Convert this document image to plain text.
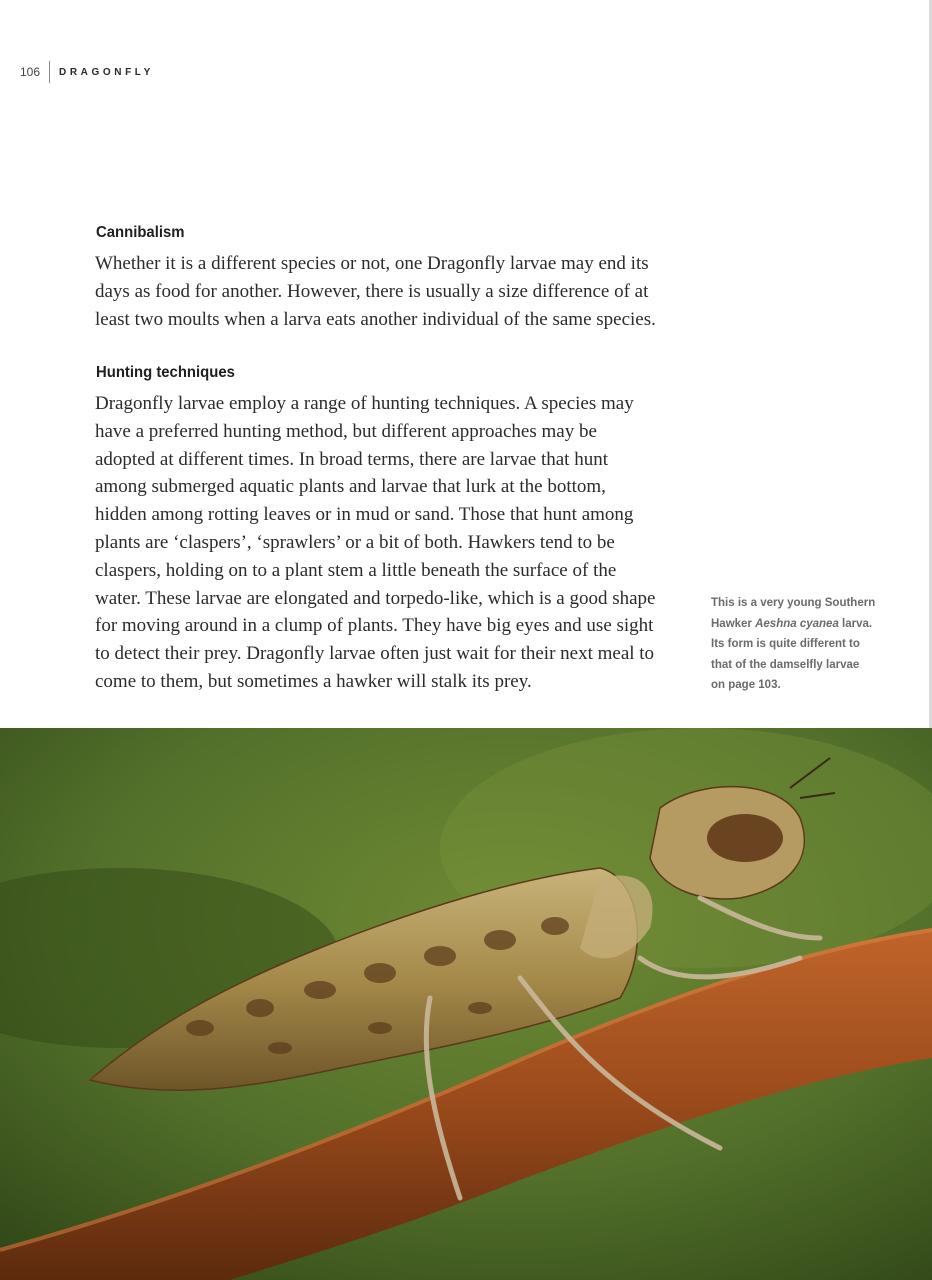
106	DRAGONFLY
Cannibalism

Whether it is a different species or not, one Dragonfly larvae may end its
days as food for another. However, there is usually a size difference of at
least two moults when a larva eats another individual of the same species.

Hunting techniques

Dragonfly larvae employ a range of hunting techniques. A species may
have a preferred hunting method, but different approaches may be
adopted at different times. In broad terms, there are larvae that hunt
among submerged aquatic plants and larvae that lurk at the bottom,
hidden among rotting leaves or in mud or sand. Those that hunt among
plants are ‘claspers’, ‘sprawlers’ or a bit of both. Hawkers tend to be
claspers, holding on to a plant stem a little beneath the surface of the
water. These larvae are elongated and torpedo-like, which is a good shape
for moving around in a clump of plants. They have big eyes and use sight
to detect their prey. Dragonfly larvae often just wait for their next meal to
come to them, but sometimes a hawker will stalk its prey.

This is a very young Southern
Hawker Aeshna cyanea larva.
Its form is quite different to
that of the damselfly larvae
on page 103.
